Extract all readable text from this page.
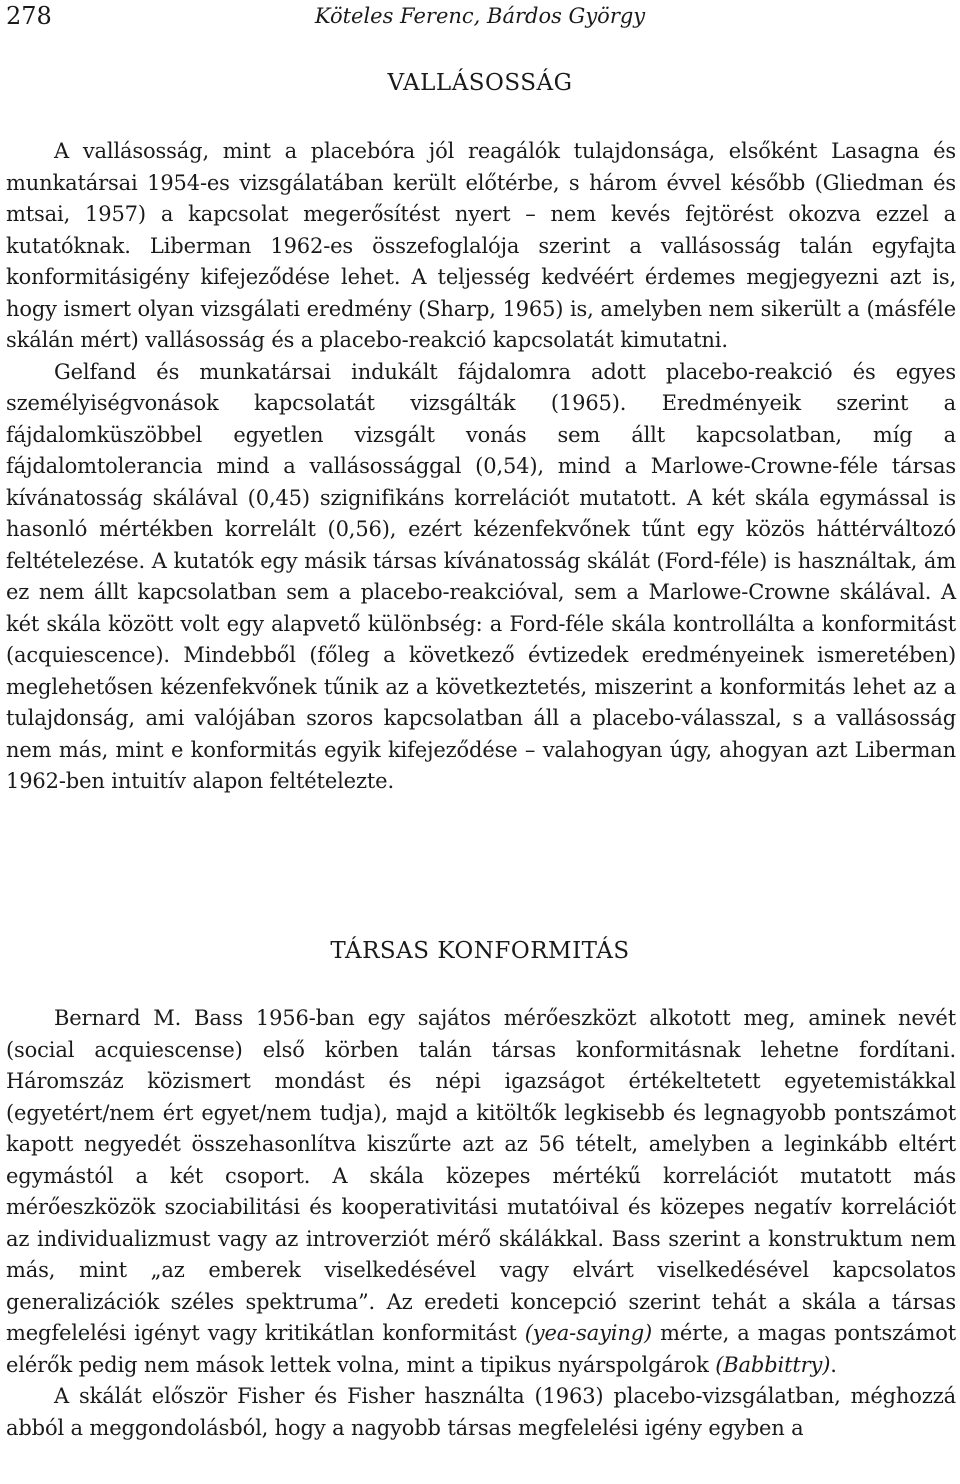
278	Köteles Ferenc, Bárdos György
VALLÁSOSSÁG

A vallásosság, mint a placebóra jól reagálók tulajdonsága, elsőként Lasagna és munkatársai 1954-es vizsgálatában került előtérbe, s három évvel később (Gliedman és mtsai, 1957) a kapcsolat megerősítést nyert – nem kevés fejtörést okozva ezzel a kutatóknak. Liberman 1962-es összefoglalója szerint a vallásosság talán egyfajta konformitásigény kifejeződése lehet. A teljesség kedvéért érdemes megjegyezni azt is, hogy ismert olyan vizsgálati eredmény (Sharp, 1965) is, amelyben nem sikerült a (másféle skálán mért) vallásosság és a placebo-reakció kapcsolatát kimutatni.

Gelfand és munkatársai indukált fájdalomra adott placebo-reakció és egyes személyiségvonások kapcsolatát vizsgálták (1965). Eredményeik szerint a fájdalomküszöbbel egyetlen vizsgált vonás sem állt kapcsolatban, míg a fájdalomtolerancia mind a vallásossággal (0,54), mind a Marlowe-Crowne-féle társas kívánatosság skálával (0,45) szignifikáns korrelációt mutatott. A két skála egymással is hasonló mértékben korrelált (0,56), ezért kézenfekvőnek tűnt egy közös háttérváltozó feltételezése. A kutatók egy másik társas kívánatosság skálát (Ford-féle) is használtak, ám ez nem állt kapcsolatban sem a placebo-reakcióval, sem a Marlowe-Crowne skálával. A két skála között volt egy alapvető különbség: a Ford-féle skála kontrollálta a konformitást (acquiescence). Mindebből (főleg a következő évtizedek eredményeinek ismeretében) meglehetősen kézenfekvőnek tűnik az a következtetés, miszerint a konformitás lehet az a tulajdonság, ami valójában szoros kapcsolatban áll a placebo-válasszal, s a vallásosság nem más, mint e konformitás egyik kifejeződése – valahogyan úgy, ahogyan azt Liberman 1962-ben intuitív alapon feltételezte.

TÁRSAS KONFORMITÁS

Bernard M. Bass 1956-ban egy sajátos mérőeszközt alkotott meg, aminek nevét (social acquiescense) első körben talán társas konformitásnak lehetne fordítani. Háromszáz közismert mondást és népi igazságot értékeltetett egyetemistákkal (egyetért/nem ért egyet/nem tudja), majd a kitöltők legkisebb és legnagyobb pontszámot kapott negyedét összehasonlítva kiszűrte azt az 56 tételt, amelyben a leginkább eltért egymástól a két csoport. A skála közepes mértékű korrelációt mutatott más mérőeszközök szociabilitási és kooperativitási mutatóival és közepes negatív korrelációt az individualizmust vagy az introverziót mérő skálákkal. Bass szerint a konstruktum nem más, mint „az emberek viselkedésével vagy elvárt viselkedésével kapcsolatos generalizációk széles spektruma”. Az eredeti koncepció szerint tehát a skála a társas megfelelési igényt vagy kritikátlan konformitást (yea-saying) mérte, a magas pontszámot elérők pedig nem mások lettek volna, mint a tipikus nyárspolgárok (Babbittry).

A skálát először Fisher és Fisher használta (1963) placebo-vizsgálatban, méghozzá abból a meggondolásból, hogy a nagyobb társas megfelelési igény egyben a
